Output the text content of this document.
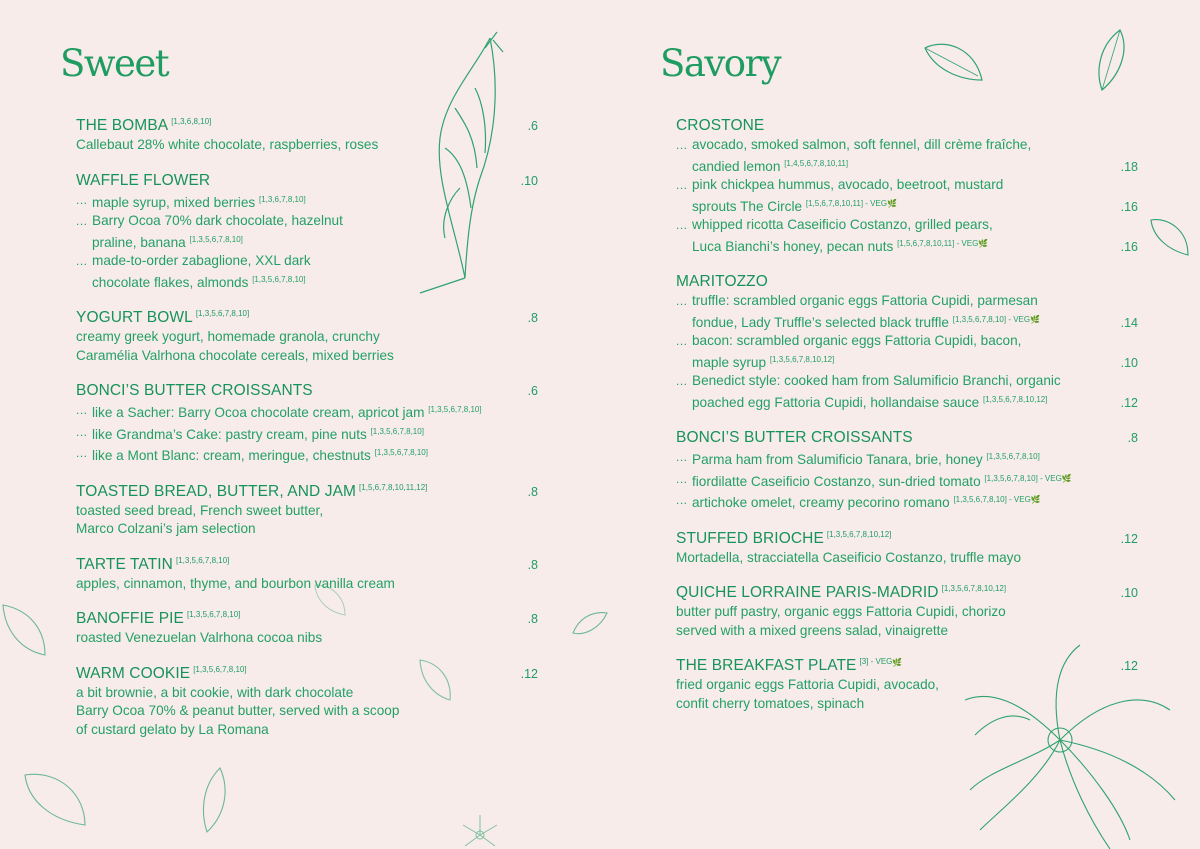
Sweet
THE BOMBA [1,3,6,8,10]	.6
Callebaut 28% white chocolate, raspberries, roses
WAFFLE FLOWER	.10
... maple syrup, mixed berries [1,3,6,7,8,10]
... Barry Ocoa 70% dark chocolate, hazelnut
praline, banana [1,3,5,6,7,8,10]
... made-to-order zabaglione, XXL dark
chocolate flakes, almonds [1,3,5,6,7,8,10]
YOGURT BOWL [1,3,5,6,7,8,10]	.8
creamy greek yogurt, homemade granola, crunchy
Caramélia Valrhona chocolate cereals, mixed berries
BONCI’S BUTTER CROISSANTS	.6
... like a Sacher: Barry Ocoa chocolate cream, apricot jam [1,3,5,6,7,8,10]
... like Grandma’s Cake: pastry cream, pine nuts [1,3,5,6,7,8,10]
... like a Mont Blanc: cream, meringue, chestnuts [1,3,5,6,7,8,10]
TOASTED BREAD, BUTTER, AND JAM [1,5,6,7,8,10,11,12]	.8
toasted seed bread, French sweet butter,
Marco Colzani’s jam selection
TARTE TATIN [1,3,5,6,7,8,10]	.8
apples, cinnamon, thyme, and bourbon vanilla cream
BANOFFIE PIE [1,3,5,6,7,8,10]	.8
roasted Venezuelan Valrhona cocoa nibs
WARM COOKIE [1,3,5,6,7,8,10]	.12
a bit brownie, a bit cookie, with dark chocolate
Barry Ocoa 70% & peanut butter, served with a scoop
of custard gelato by La Romana
Savory
CROSTONE
... avocado, smoked salmon, soft fennel, dill crème fraîche,
candied lemon [1,4,5,6,7,8,10,11]	.18
... pink chickpea hummus, avocado, beetroot, mustard
sprouts The Circle $^{[1,5,6,7,8,10,11] - VEG🌿}$	.16
... whipped ricotta Caseificio Costanzo, grilled pears,
Luca Bianchi’s honey, pecan nuts $^{[1,5,6,7,8,10,11] - VEG🌿}$	.16
MARITOZZO
... truffle: scrambled organic eggs Fattoria Cupidi, parmesan
fondue, Lady Truffle’s selected black truffle $^{[1,3,5,6,7,8,10] - VEG🌿}$	.14
... bacon: scrambled organic eggs Fattoria Cupidi, bacon,
maple syrup [1,3,5,6,7,8,10,12]	.10
... Benedict style: cooked ham from Salumificio Branchi, organic
poached egg Fattoria Cupidi, hollandaise sauce [1,3,5,6,7,8,10,12]	.12
BONCI’S BUTTER CROISSANTS	.8
... Parma ham from Salumificio Tanara, brie, honey [1,3,5,6,7,8,10]
... fiordilatte Caseificio Costanzo, sun-dried tomato $^{[1,3,5,6,7,8,10] - VEG🌿}$
... artichoke omelet, creamy pecorino romano $^{[1,3,5,6,7,8,10] - VEG🌿}$
STUFFED BRIOCHE [1,3,5,6,7,8,10,12]	.12
Mortadella, stracciatella Caseificio Costanzo, truffle mayo
QUICHE LORRAINE PARIS-MADRID [1,3,5,6,7,8,10,12]	.10
butter puff pastry, organic eggs Fattoria Cupidi, chorizo
served with a mixed greens salad, vinaigrette
THE BREAKFAST PLATE $^{[3] - VEG🌿}$	.12
fried organic eggs Fattoria Cupidi, avocado,
confit cherry tomatoes, spinach
